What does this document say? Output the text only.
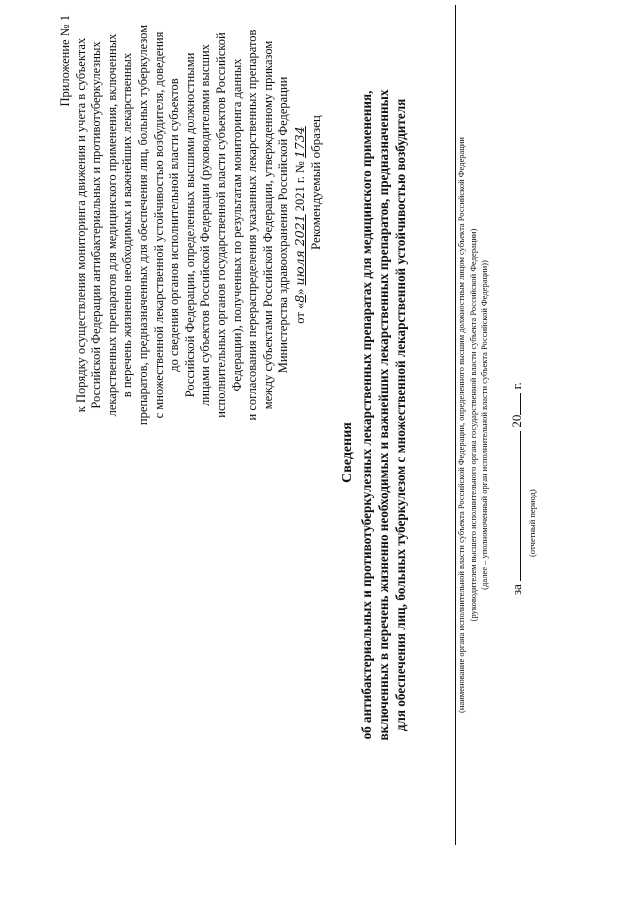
Приложение № 1 к Порядку осуществления мониторинга движения и учета в субъектах Российской Федерации антибактериальных и противотуберкулезных лекарственных препаратов для медицинского применения, включенных в перечень жизненно необходимых и важнейших лекарственных препаратов, предназначенных для обеспечения лиц, больных туберкулезом с множественной лекарственной устойчивостью возбудителя, доведения до сведения органов исполнительной власти субъектов Российской Федерации, определенных высшими должностными лицами субъектов Российской Федерации (руководителями высших исполнительных органов государственной власти субъектов Российской Федерации), полученных по результатам мониторинга данных и согласования перераспределения указанных лекарственных препаратов между субъектами Российской Федерации, утвержденному приказом Министерства здравоохранения Российской Федерации от «8» июля 2021 2021 г. № 1734 Рекомендуемый образец
Сведения об антибактериальных и противотуберкулезных лекарственных препаратах для медицинского применения, включенных в перечень жизненно необходимых и важнейших лекарственных препаратов, предназначенных для обеспечения лиц, больных туберкулезом с множественной лекарственной устойчивостью возбудителя	(наименование органа исполнительной власти субъекта Российской Федерации, определенного высшим должностным лицом субъекта Российской Федерации (руководителем высшего исполнительного органа государственной власти субъекта Российской Федерации) (далее – уполномоченный орган исполнительной власти субъекта Российской Федерации)) за  20 г.
(отчетный период)
